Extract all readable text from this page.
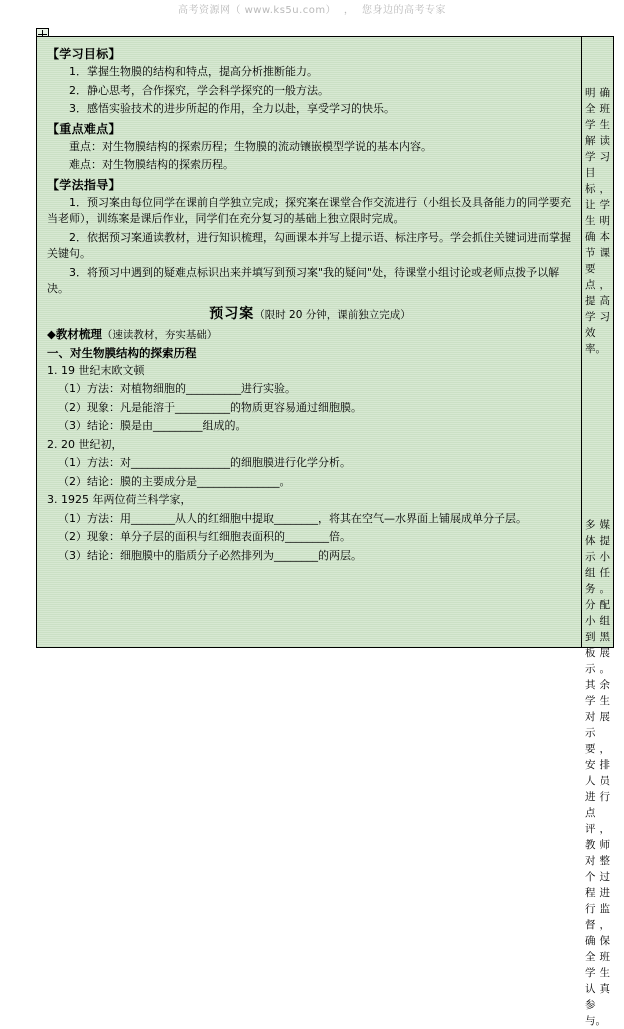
高考资源网（ www.ks5u.com） ， 您身边的高考专家
【学习目标】

1．掌握生物膜的结构和特点，提高分析推断能力。

2．静心思考，合作探究，学会科学探究的一般方法。

3．感悟实验技术的进步所起的作用，全力以赴，享受学习的快乐。

【重点难点】

重点：对生物膜结构的探索历程；生物膜的流动镶嵌模型学说的基本内容。

难点：对生物膜结构的探索历程。

【学法指导】

1．预习案由每位同学在课前自学独立完成；探究案在课堂合作交流进行（小组长及具备能力的同学要充当老师），训练案是课后作业，同学们在充分复习的基础上独立限时完成。

2．依据预习案通读教材，进行知识梳理，勾画课本并写上提示语、标注序号。学会抓住关键词进而掌握关键句。

3．将预习中遇到的疑难点标识出来并填写到预习案"我的疑问"处，待课堂小组讨论或老师点拨予以解决。

预习案（限时 20 分钟，课前独立完成）
◆教材梳理（速读教材，夯实基础）
一、对生物膜结构的探索历程

1. 19 世纪末欧文顿

（1）方法：对植物细胞的__________进行实验。

（2）现象：凡是能溶于__________的物质更容易通过细胞膜。

（3）结论：膜是由_________组成的。

2. 20 世纪初，

（1）方法：对__________________的细胞膜进行化学分析。

（2）结论：膜的主要成分是_______________。

3. 1925 年两位荷兰科学家，

（1）方法：用________从人的红细胞中提取________，将其在空气—水界面上铺展成单分子层。

（2）现象：单分子层的面积与红细胞表面积的________倍。

（3）结论：细胞膜中的脂质分子必然排列为________的两层。

明确全班学生解读学习目标，让学生明确本节课要点，提高学习效率。
多媒体提示小组任务。分配小组到黑板展示。其余学生对展示要，安排人员进行点评，教师对整个过程进行监督，确保全班学生认真参与。
